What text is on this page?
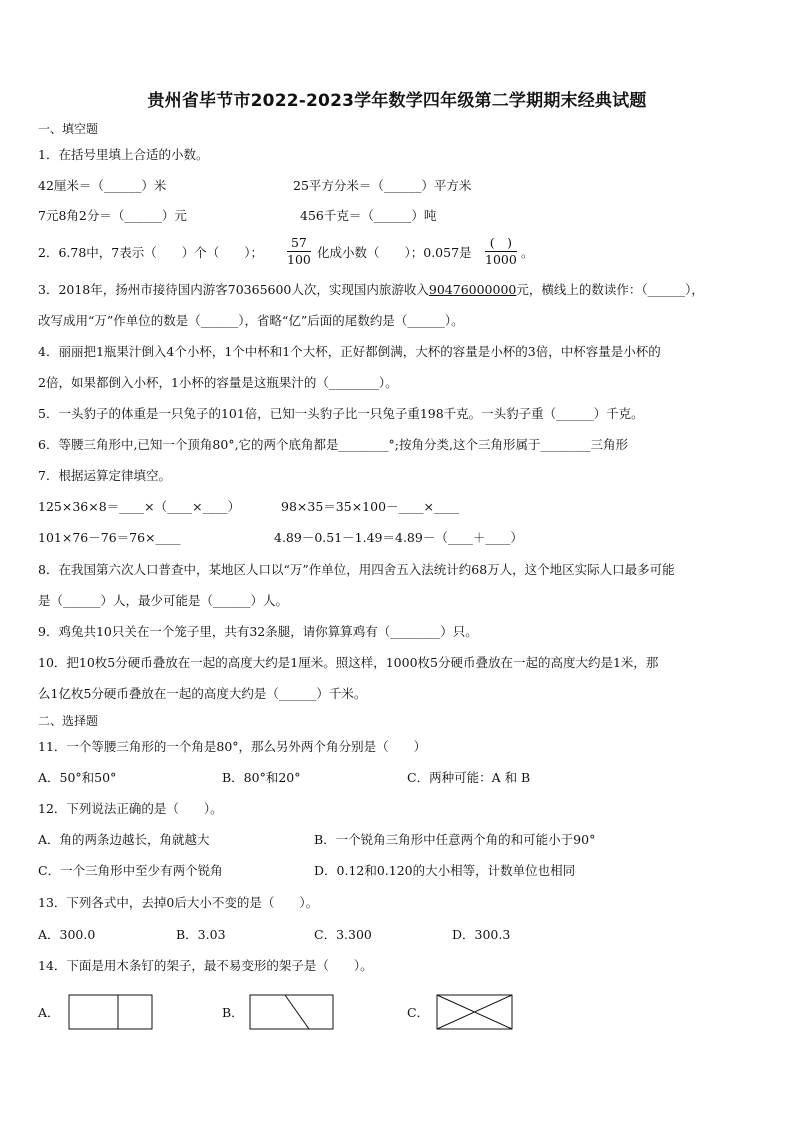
贵州省毕节市2022-2023学年数学四年级第二学期期末经典试题
一、填空题
1．在括号里填上合适的小数。
42厘米＝（______）米	25平方分米＝（______）平方米
7元8角2分＝（______）元	456千克＝（______）吨
2．6.78中，7表示（　　）个（　　）； $\frac{57}{100}$ 化成小数（　　）；0.057是
(　)
1000 。
3．2018年，扬州市接待国内游客70365600人次，实现国内旅游收入90476000000元，横线上的数读作：（______），
改写成用“万”作单位的数是（______），省略“亿”后面的尾数约是（______）。
4．丽丽把1瓶果汁倒入4个小杯，1个中杯和1个大杯，正好都倒满，大杯的容量是小杯的3倍，中杯容量是小杯的
2倍，如果都倒入小杯，1小杯的容量是这瓶果汁的（________）。
5．一头豹子的体重是一只兔子的101倍，已知一头豹子比一只兔子重198千克。一头豹子重（______）千克。
6．等腰三角形中,已知一个顶角80°,它的两个底角都是________°;按角分类,这个三角形属于________三角形
7．根据运算定律填空。
125×36×8＝____×（____×____）	98×35＝35×100－____×____
101×76－76＝76×____	4.89－0.51－1.49＝4.89－（____＋____）
8．在我国第六次人口普查中，某地区人口以“万”作单位，用四舍五入法统计约68万人，这个地区实际人口最多可能
是（______）人，最少可能是（______）人。
9．鸡兔共10只关在一个笼子里，共有32条腿，请你算算鸡有（________）只。
10．把10枚5分硬币叠放在一起的高度大约是1厘米。照这样，1000枚5分硬币叠放在一起的高度大约是1米，那
么1亿枚5分硬币叠放在一起的高度大约是（______）千米。
二、选择题
11．一个等腰三角形的一个角是80°，那么另外两个角分别是（　　）
A．50°和50°	B．80°和20°	C．两种可能：A 和 B
12．下列说法正确的是（　　）。
A．角的两条边越长，角就越大	B．一个锐角三角形中任意两个角的和可能小于90°
C．一个三角形中至少有两个锐角	D．0.12和0.120的大小相等，计数单位也相同
13．下列各式中，去掉0后大小不变的是（　　）。
A．300.0	B．3.03	C．3.300	D．300.3
14．下面是用木条钉的架子，最不易变形的架子是（　　）。
A．	B．	C．
